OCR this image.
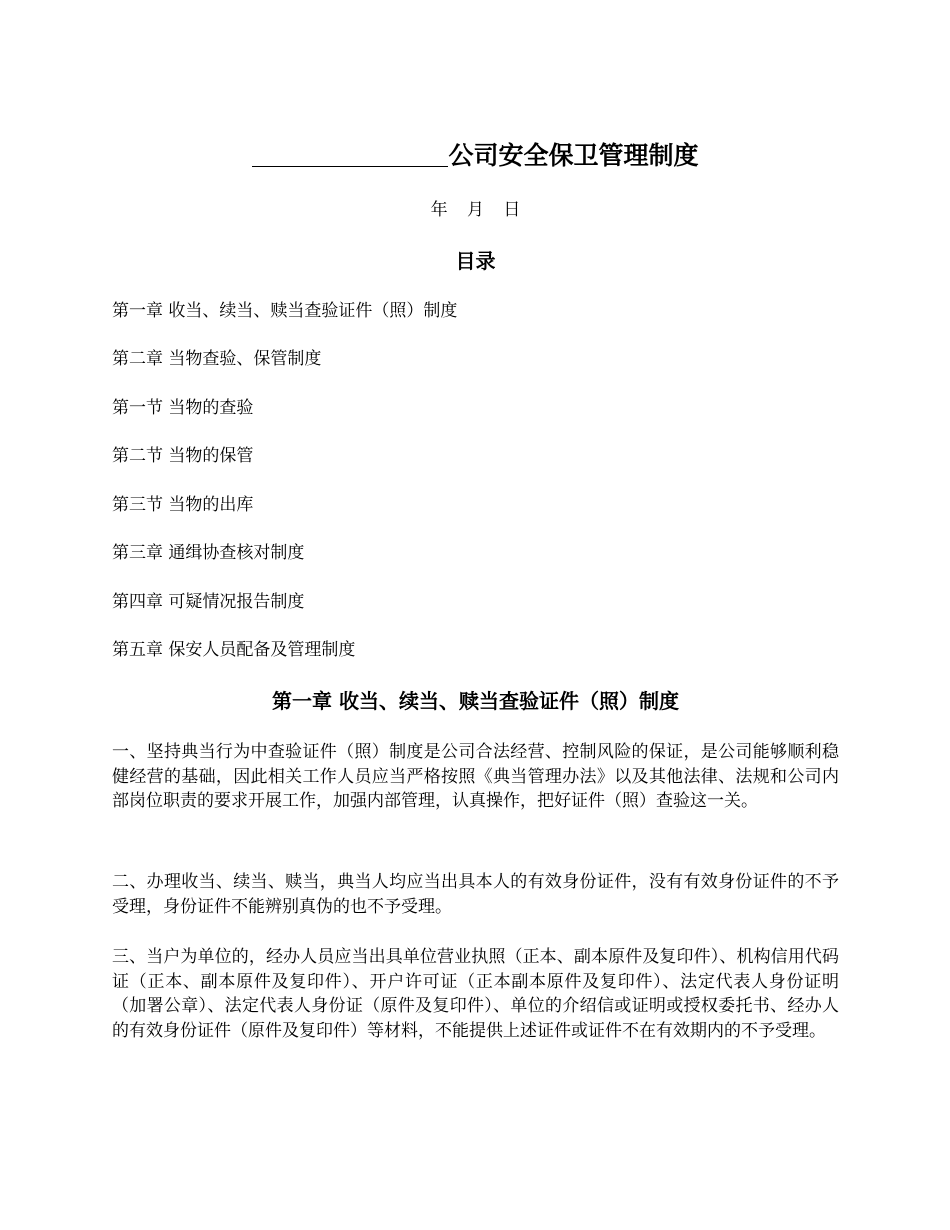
公司安全保卫管理制度
年 月 日
目录
第一章 收当、续当、赎当查验证件（照）制度
第二章 当物查验、保管制度
第一节 当物的查验
第二节 当物的保管
第三节 当物的出库
第三章 通缉协查核对制度
第四章 可疑情况报告制度
第五章 保安人员配备及管理制度
第一章 收当、续当、赎当查验证件（照）制度

一、坚持典当行为中查验证件（照）制度是公司合法经营、控制风险的保证，是公司能够顺利稳健经营的基础，因此相关工作人员应当严格按照《典当管理办法》以及其他法律、法规和公司内部岗位职责的要求开展工作，加强内部管理，认真操作，把好证件（照）查验这一关。

二、办理收当、续当、赎当，典当人均应当出具本人的有效身份证件，没有有效身份证件的不予受理，身份证件不能辨别真伪的也不予受理。

三、当户为单位的，经办人员应当出具单位营业执照（正本、副本原件及复印件）、机构信用代码证（正本、副本原件及复印件）、开户许可证（正本副本原件及复印件）、法定代表人身份证明（加署公章）、法定代表人身份证（原件及复印件）、单位的介绍信或证明或授权委托书、经办人的有效身份证件（原件及复印件）等材料，不能提供上述证件或证件不在有效期内的不予受理。
